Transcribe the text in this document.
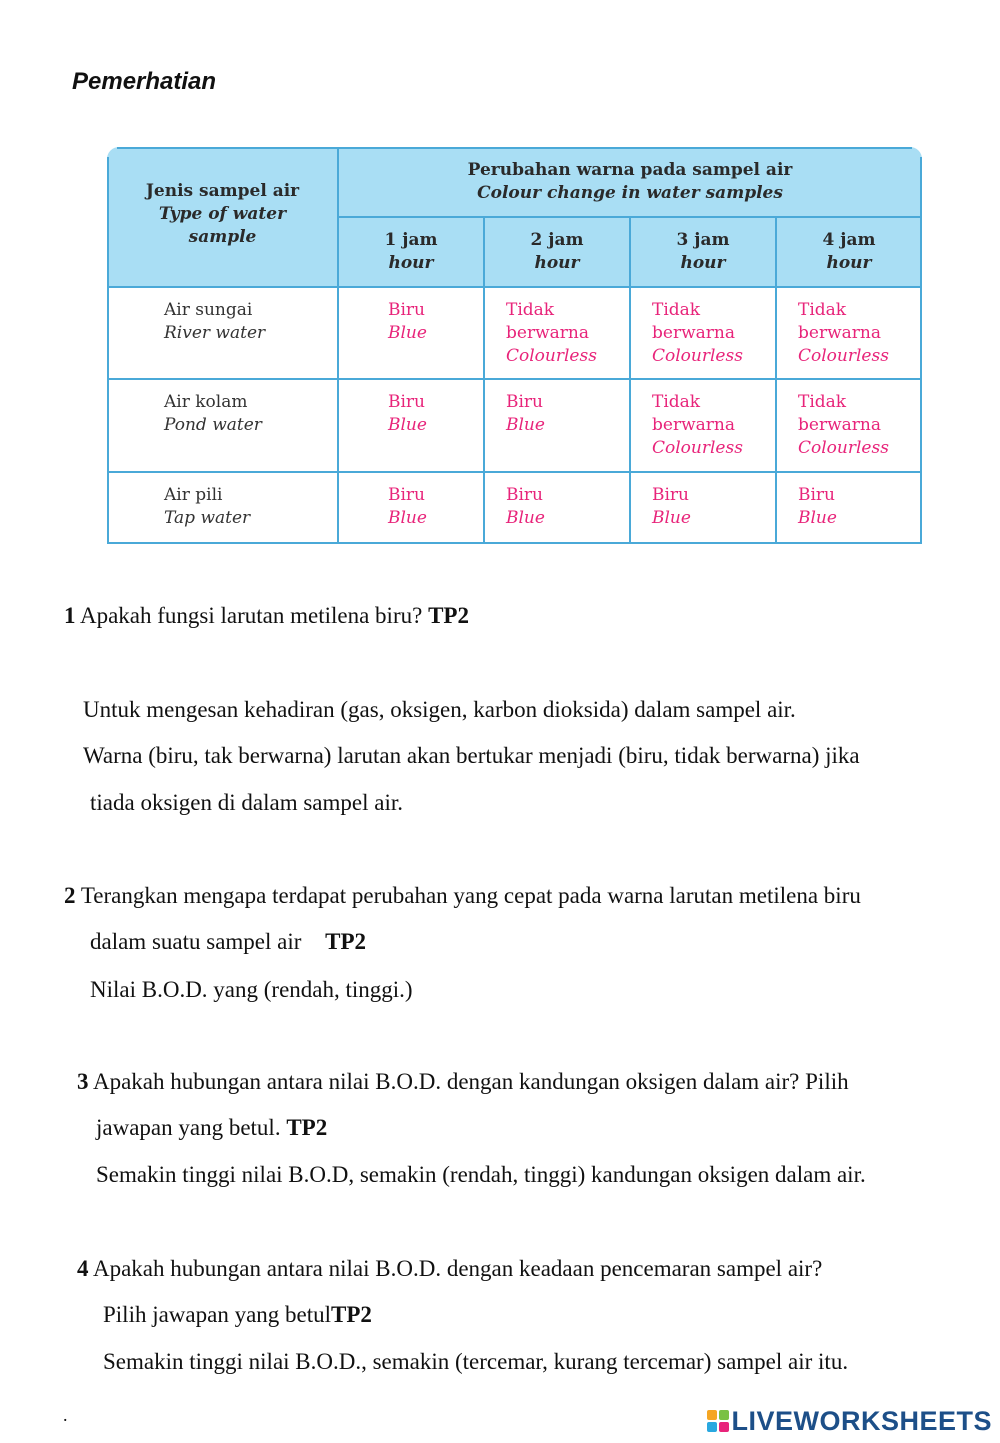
Pemerhatian
Jenis sampel air
Type of water
sample
Perubahan warna pada sampel air
Colour change in water samples
1 jam
hour
2 jam
hour
3 jam
hour
4 jam
hour
Air sungai
River water
Biru
Blue
Tidak
berwarna
Colourless
Tidak
berwarna
Colourless
Tidak
berwarna
Colourless
Air kolam
Pond water
Biru
Blue
Biru
Blue
Tidak
berwarna
Colourless
Tidak
berwarna
Colourless
Air pili
Tap water
Biru
Blue
Biru
Blue
Biru
Blue
Biru
Blue
1 Apakah fungsi larutan metilena biru? TP2
Untuk mengesan kehadiran (gas, oksigen, karbon dioksida) dalam sampel air.
Warna (biru, tak berwarna) larutan akan bertukar menjadi (biru, tidak berwarna) jika
tiada oksigen di dalam sampel air.
2 Terangkan mengapa terdapat perubahan yang cepat pada warna larutan metilena biru
dalam suatu sampel air TP2
Nilai B.O.D. yang (rendah, tinggi.)
3 Apakah hubungan antara nilai B.O.D. dengan kandungan oksigen dalam air? Pilih
jawapan yang betul. TP2
Semakin tinggi nilai B.O.D, semakin (rendah, tinggi) kandungan oksigen dalam air.
4 Apakah hubungan antara nilai B.O.D. dengan keadaan pencemaran sampel air?
Pilih jawapan yang betulTP2
Semakin tinggi nilai B.O.D., semakin (tercemar, kurang tercemar) sampel air itu.
.	LIVEWORKSHEETS
